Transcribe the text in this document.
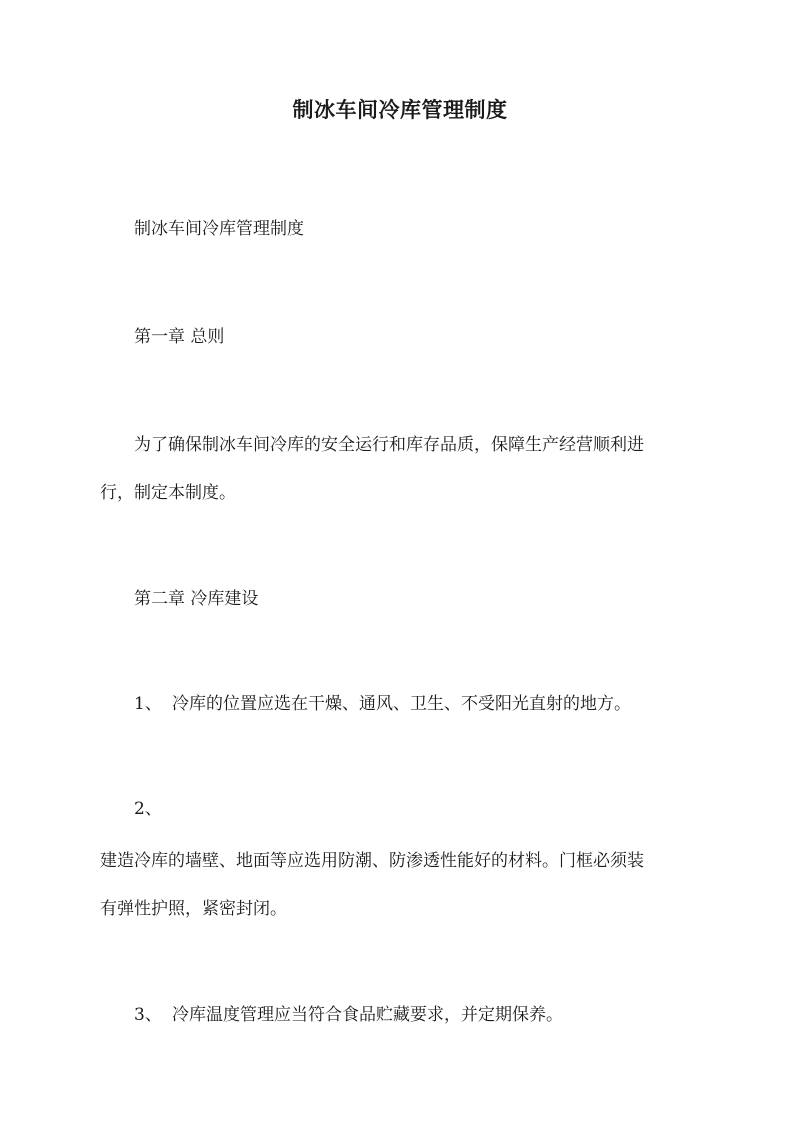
制冰车间冷库管理制度

制冰车间冷库管理制度

第一章 总则

为了确保制冰车间冷库的安全运行和库存品质，保障生产经营顺利进

行，制定本制度。

第二章 冷库建设

1、 冷库的位置应选在干燥、通风、卫生、不受阳光直射的地方。

2、

建造冷库的墙壁、地面等应选用防潮、防渗透性能好的材料。门框必须装

有弹性护照，紧密封闭。

3、 冷库温度管理应当符合食品贮藏要求，并定期保养。
